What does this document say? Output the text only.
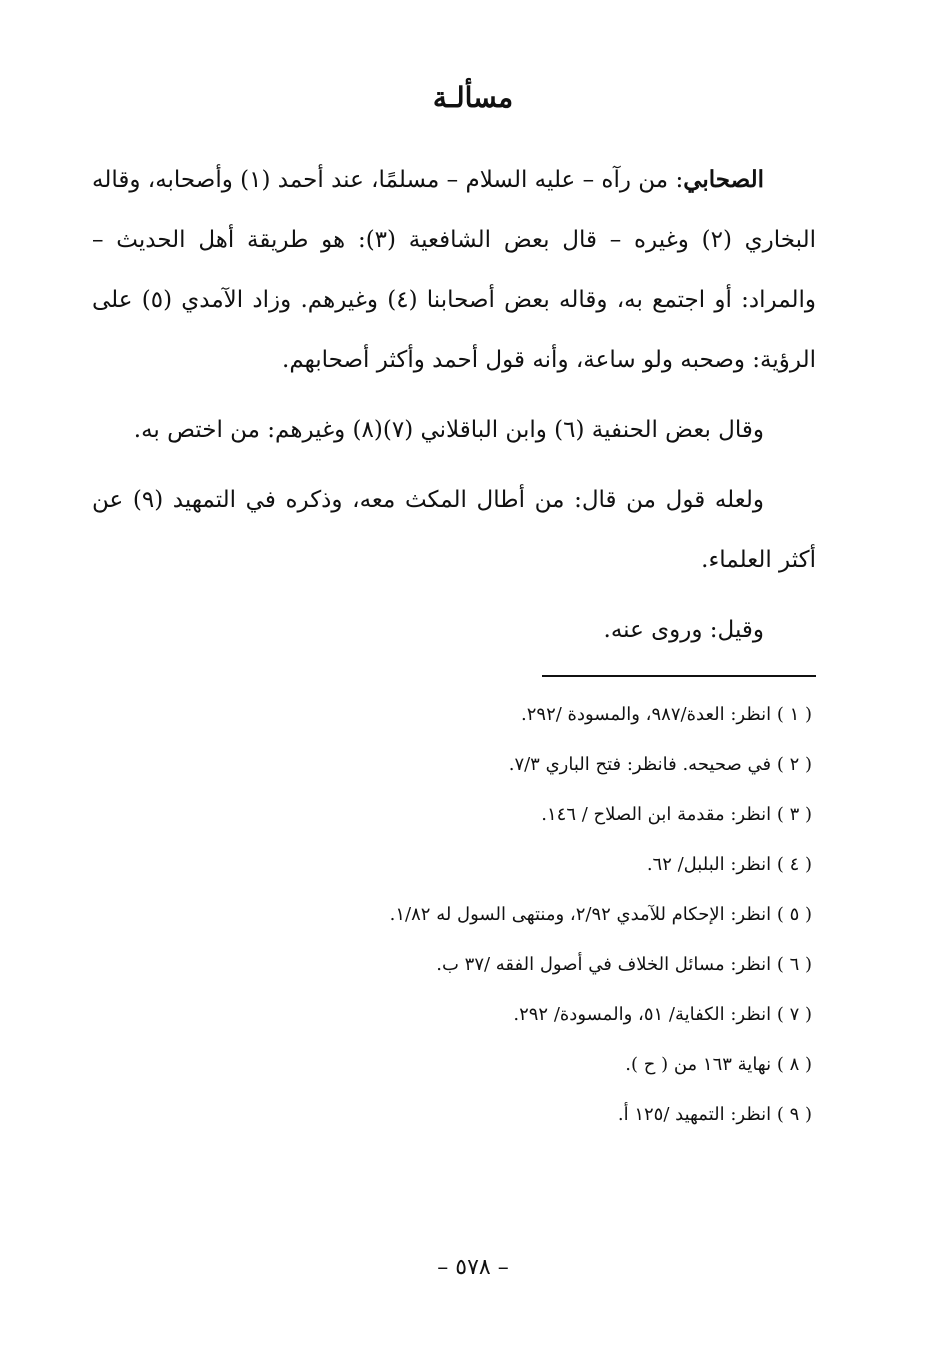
مسألـة

الصحابي: من رآه – عليه السلام – مسلمًا، عند أحمد (١) وأصحابه، وقاله البخاري (٢) وغيره – قال بعض الشافعية (٣): هو طريقة أهل الحديث – والمراد: أو اجتمع به، وقاله بعض أصحابنا (٤) وغيرهم. وزاد الآمدي (٥) على الرؤية: وصحبه ولو ساعة، وأنه قول أحمد وأكثر أصحابهم.

وقال بعض الحنفية (٦) وابن الباقلاني (٧)(٨) وغيرهم: من اختص به.

ولعله قول من قال: من أطال المكث معه، وذكره في التمهيد (٩) عن أكثر العلماء.

وقيل: وروى عنه.

( ١ ) انظر: العدة/٩٨٧، والمسودة /٢٩٢.
( ٢ ) في صحيحه. فانظر: فتح الباري ٧/٣.
( ٣ ) انظر: مقدمة ابن الصلاح / ١٤٦.
( ٤ ) انظر: البلبل/ ٦٢.
( ٥ ) انظر: الإحكام للآمدي ٢/٩٢، ومنتهى السول له ١/٨٢.
( ٦ ) انظر: مسائل الخلاف في أصول الفقه /٣٧ ب.
( ٧ ) انظر: الكفاية/ ٥١، والمسودة/ ٢٩٢.
( ٨ ) نهاية ١٦٣ من ( ح ).
( ٩ ) انظر: التمهيد /١٢٥ أ.
– ٥٧٨ –
